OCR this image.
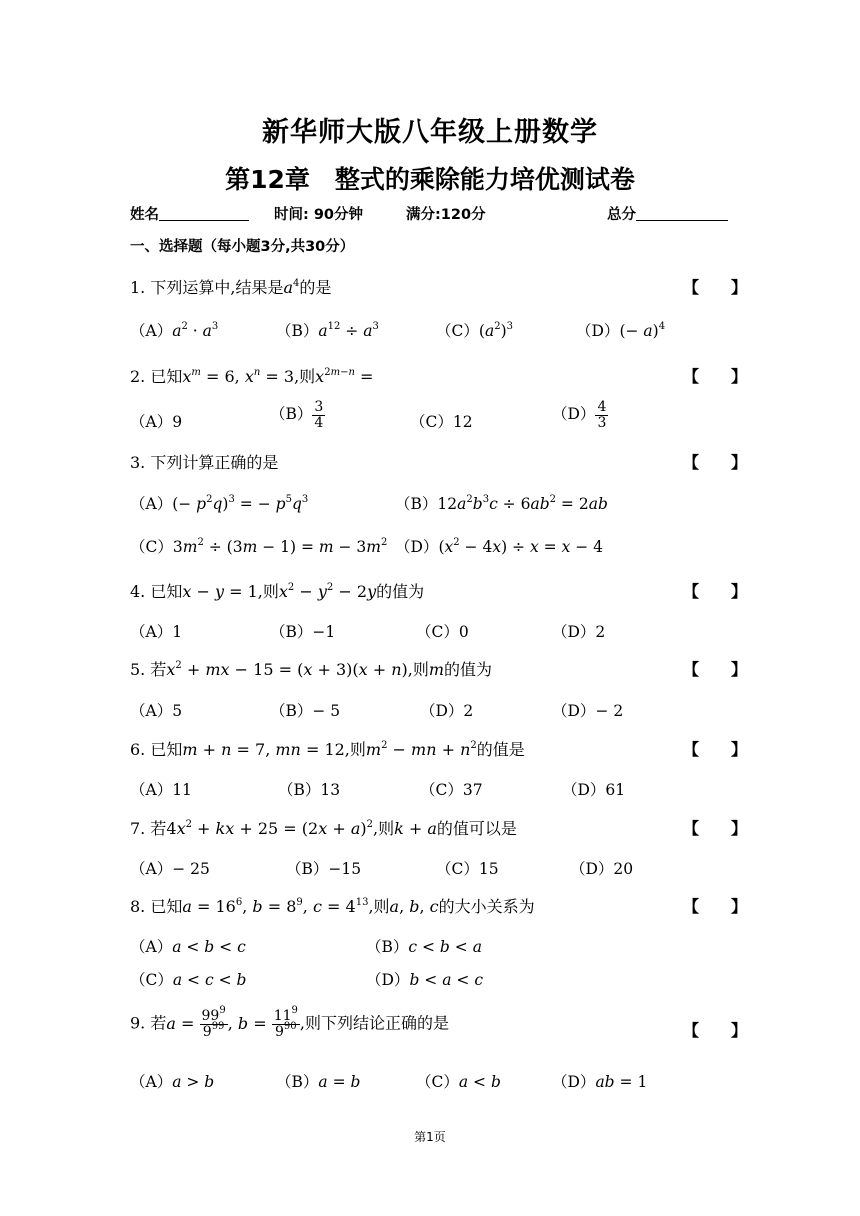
新华师大版八年级上册数学
第12章　整式的乘除能力培优测试卷
姓名	时间: 90分钟	满分:120分	总分
一、选择题（每小题3分,共30分）
1. 下列运算中,结果是$a^4$的是	【　　】
$(A)a^2 \cdot a^3$	$(B)a^{12} \div a^3$	$(C)(a^2)^3$	$(D)(- a)^4$
2. 已知$x^m = 6$, $x^n = 3$,则$x^{2m-n}$ =	【　　】
（A）9	$(B) \frac{3}{4}$	（C）12	$(D) \frac{4}{3}$
3. 下列计算正确的是	【　　】
$(A)(- p^2q)^3$ = − $p^5q^3$	$(B)12a^2b^3c \div 6ab^2 = 2ab$
$(C)3m^2 \div (3m - 1) = m - 3m^2$ $(D)(x^2 - 4x) \div x = x - 4$
4. 已知x − y = 1,则$x^2 - y^2 - 2y$的值为	【　　】
（A）1	（B）−1	（C）0	（D）2
5. 若$x^2$ + mx − 15 = (x + 3)(x + n),则m的值为	【　　】
（A）5	（B）− 5	（D）2	（D）− 2
6. 已知m + n = 7, mn = 12,则$m^2$ − mn + $n^2$的值是	【　　】
（A）11	（B）13	（C）37	（D）61
7. 若$4x^2$ + kx + $25 = (2x + a)^2$,则k + a的值可以是	【　　】
（A）− 25	（B）−15	（C）15	（D）20
8. 已知$a = 16^6$, $b = 8^9$, $c = 4^{13}$,则a, b, c的大小关系为	【　　】
（A）a < b < c	（B）c < b < a
（C）a < c < b	（D）b < a < c
9. 若$a = \frac{99^9}{9^{99}}$ , $b = \frac{11^9}{9^{90}}$ ,则下列结论正确的是	【　　】
（A）a > b	（B）a = b	（C）a < b	（D）ab = 1
第1页
